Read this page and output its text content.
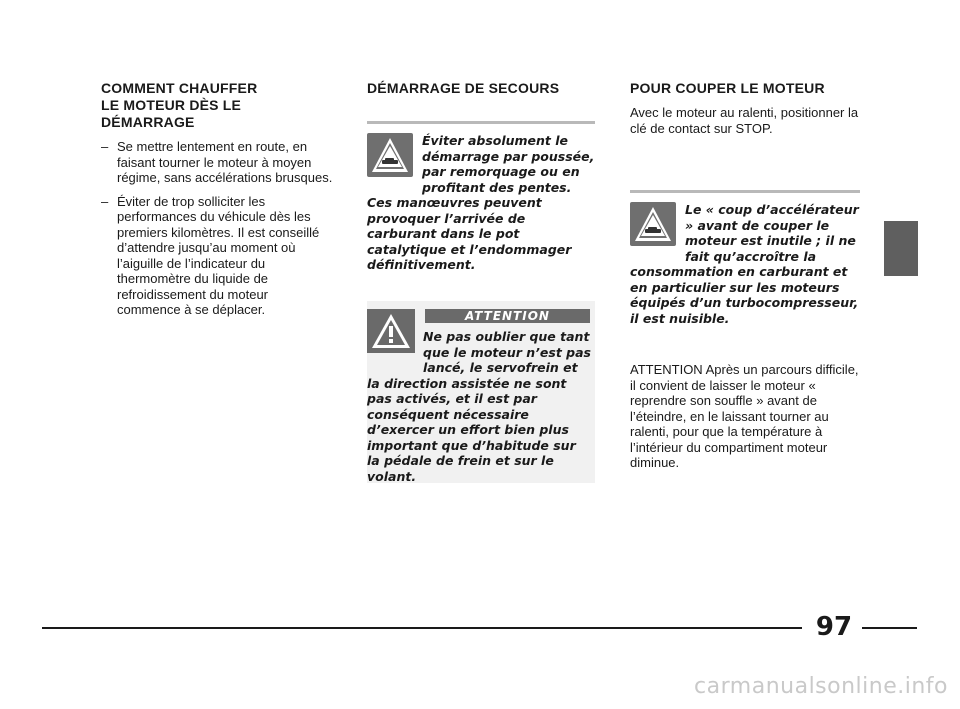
COMMENT CHAUFFER
LE MOTEUR DÈS LE
DÉMARRAGE
– Se mettre lentement en route, en faisant tourner le moteur à moyen régime, sans accélérations brusques.
– Éviter de trop solliciter les performances du véhicule dès les premiers kilomètres. Il est conseillé d’attendre jusqu’au moment où l’aiguille de l’indicateur du thermomètre du liquide de refroidissement du moteur commence à se déplacer.
DÉMARRAGE DE SECOURS

Éviter absolument le démarrage par poussée, par remorquage ou en profitant des pentes. Ces manœuvres peuvent provoquer l’arrivée de carburant dans le pot catalytique et l’endommager définitivement.

ATTENTION

Ne pas oublier que tant que le moteur n’est pas lancé, le servofrein et la direction assistée ne sont pas activés, et il est par conséquent nécessaire d’exercer un effort bien plus important que d’habitude sur la pédale de frein et sur le volant.

POUR COUPER LE MOTEUR

Avec le moteur au ralenti, positionner la clé de contact sur STOP.

Le « coup d’accélérateur » avant de couper le moteur est inutile ; il ne fait qu’accroître la consommation en carburant et en particulier sur les moteurs équipés d’un turbocompresseur, il est nuisible.

ATTENTION Après un parcours difficile, il convient de laisser le moteur « reprendre son souffle » avant de l’éteindre, en le laissant tourner au ralenti, pour que la température à l’intérieur du compartiment moteur diminue.

97
carmanualsonline.info
